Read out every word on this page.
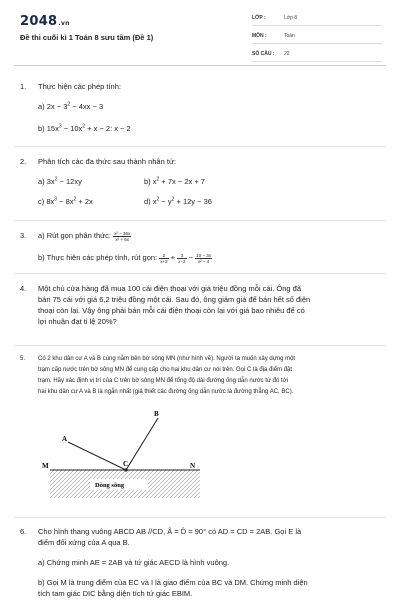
2048.vn
Đề thi cuối kì 1 Toán 8 sưu tầm (Đề 1)
LỚP :	Lớp 8
MÔN :	Toán
SỐ CÂU : 22
1. Thực hiện các phép tính:
a) $2x - 3^2 - 4xx - 3$
b) $15x^3 - 10x^2 + x - 2$: x − 2
2. Phân tích các đa thức sau thành nhân tử:
a) $3x^2 - 12xy$	b) $x^2 + 7x - 2x + 7$
c) $8x^3 - 8x^2 + 2x$	d) $x^2 - y^2 + 12y - 36$
3. a) Rút gọn phân thức: $\frac{\text{x² − 36x}}{\text{x² + 6x}}$
b) Thực hiện các phép tính, rút gọn: $\frac{2}{x+2} + \frac{3}{x-2} - \frac{10 - 3x}{\text{x² − 4}}$
4. Một chủ cửa hàng đã mua 100 cái điện thoại với giá triệu đồng mỗi cái. Ông đã
bán 75 cái với giá 6,2 triệu đồng một cái. Sau đó, ông giảm giá để bán hết số điện
thoại còn lại. Vậy ông phải bán mỗi cái điện thoại còn lại với giá bao nhiêu để có
lợi nhuận đạt tỉ lệ 20%?
5. Có 2 khu dân cư A và B cùng nằm bên bờ sông MN (như hình vẽ). Người ta muốn xây dựng một
trạm cấp nước trên bờ sông MN để cung cấp cho hai khu dân cư nói trên. Gọi C là địa điểm đặt
trạm. Hãy xác định vị trí của C trên bờ sông MN để tổng độ dài đường ống dẫn nước từ đó tới
hai khu dân cư A và B là ngắn nhất (giả thiết các đường ống dẫn nước là đường thẳng AC, BC).
A
B
C
M	N
Dòng sông
6. Cho hình thang vuông ABCD AB //CD, Â = D̂ = 90° có AD = CD = 2AB. Gọi E là
điểm đối xứng của A qua B.
a) Chứng minh AE = 2AB và tứ giác AECD là hình vuông.
b) Gọi M là trung điểm của EC và I là giao điểm của BC và DM. Chứng minh diện
tích tam giác DIC bằng diện tích tứ giác EBIM.
